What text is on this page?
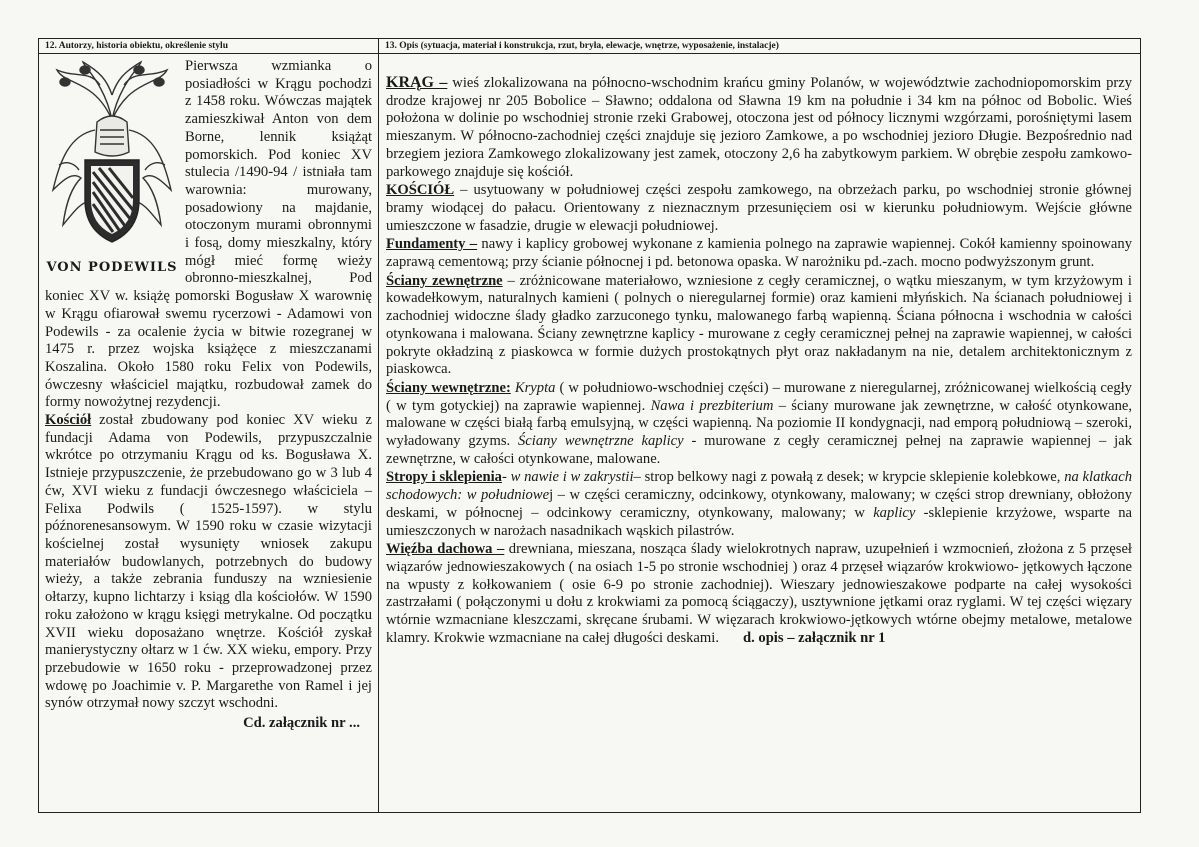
12. Autorzy, historia obiektu, określenie stylu

VON PODEWILS
Pierwsza wzmianka o posiadłości w Krągu pochodzi z 1458 roku. Wówczas majątek zamieszkiwał Anton von dem Borne, lennik książąt pomorskich. Pod koniec XV stulecia /1490-94 / istniała tam warownia: murowany, posadowiony na majdanie, otoczonym murami obronnymi i fosą, domy mieszkalny, który mógł mieć formę wieży obronno-mieszkalnej, Pod koniec XV w. książę pomorski Bogusław X warownię w Krągu ofiarował swemu rycerzowi - Adamowi von Podewils - za ocalenie życia w bitwie rozegranej w 1475 r. przez wojska książęce z mieszczanami Koszalina. Około 1580 roku Felix von Podewils, ówczesny właściciel majątku, rozbudował zamek do formy nowożytnej rezydencji.

Kościół został zbudowany pod koniec XV wieku z fundacji Adama von Podewils, przypuszczalnie wkrótce po otrzymaniu Krągu od ks. Bogusława X. Istnieje przypuszczenie, że przebudowano go w 3 lub 4 ćw, XVI wieku z fundacji ówczesnego właściciela – Felixa Podwils ( 1525-1597). w stylu późnorenesansowym. W 1590 roku w czasie wizytacji kościelnej został wysunięty wniosek zakupu materiałów budowlanych, potrzebnych do budowy wieży, a także zebrania funduszy na wzniesienie ołtarzy, kupno lichtarzy i ksiąg dla kościołów. W 1590 roku założono w krągu księgi metrykalne. Od początku XVII wieku doposażano wnętrze. Kościół zyskał manierystyczny ołtarz w 1 ćw. XX wieku, empory. Przy przebudowie w 1650 roku - przeprowadzonej przez wdowę po Joachimie v. P. Margarethe von Ramel i jej synów otrzymał nowy szczyt wschodni.

Cd. załącznik nr ...

13. Opis (sytuacja, materiał i konstrukcja, rzut, bryła, elewacje, wnętrze, wyposażenie, instalacje)

KRĄG – wieś zlokalizowana na północno-wschodnim krańcu gminy Polanów, w województwie zachodniopomorskim przy drodze krajowej nr 205 Bobolice – Sławno; oddalona od Sławna 19 km na południe i 34 km na północ od Bobolic. Wieś położona w dolinie po wschodniej stronie rzeki Grabowej, otoczona jest od północy licznymi wzgórzami, porośniętymi lasem mieszanym. W północno-zachodniej części znajduje się jezioro Zamkowe, a po wschodniej jezioro Długie. Bezpośrednio nad brzegiem jeziora Zamkowego zlokalizowany jest zamek, otoczony 2,6 ha zabytkowym parkiem. W obrębie zespołu zamkowo-parkowego znajduje się kościół.

KOŚCIÓŁ – usytuowany w południowej części zespołu zamkowego, na obrzeżach parku, po wschodniej stronie głównej bramy wiodącej do pałacu. Orientowany z nieznacznym przesunięciem osi w kierunku południowym. Wejście główne umieszczone w fasadzie, drugie w elewacji południowej.

Fundamenty – nawy i kaplicy grobowej wykonane z kamienia polnego na zaprawie wapiennej. Cokół kamienny spoinowany zaprawą cementową; przy ścianie północnej i pd. betonowa opaska. W narożniku pd.-zach. mocno podwyższonym grunt.

Ściany zewnętrzne – zróżnicowane materiałowo, wzniesione z cegły ceramicznej, o wątku mieszanym, w tym krzyżowym i kowadełkowym, naturalnych kamieni ( polnych o nieregularnej formie) oraz kamieni młyńskich. Na ścianach południowej i zachodniej widoczne ślady gładko zarzuconego tynku, malowanego farbą wapienną. Ściana północna i wschodnia w całości otynkowana i malowana. Ściany zewnętrzne kaplicy - murowane z cegły ceramicznej pełnej na zaprawie wapiennej, w całości pokryte okładziną z piaskowca w formie dużych prostokątnych płyt oraz nakładanym na nie, detalem architektonicznym z piaskowca.

Ściany wewnętrzne: Krypta ( w południowo-wschodniej części) – murowane z nieregularnej, zróżnicowanej wielkością cegły ( w tym gotyckiej) na zaprawie wapiennej. Nawa i prezbiterium – ściany murowane jak zewnętrzne, w całość otynkowane, malowane w części białą farbą emulsyjną, w części wapienną. Na poziomie II kondygnacji, nad emporą południową – szeroki, wyładowany gzyms. Ściany wewnętrzne kaplicy - murowane z cegły ceramicznej pełnej na zaprawie wapiennej – jak zewnętrzne, w całości otynkowane, malowane.

Stropy i sklepienia- w nawie i w zakrystii– strop belkowy nagi z powałą z desek; w krypcie sklepienie kolebkowe, na klatkach schodowych: w południowej – w części ceramiczny, odcinkowy, otynkowany, malowany; w części strop drewniany, obłożony deskami, w północnej – odcinkowy ceramiczny, otynkowany, malowany; w kaplicy -sklepienie krzyżowe, wsparte na umieszczonych w narożach nasadnikach wąskich pilastrów.

Więźba dachowa – drewniana, mieszana, nosząca ślady wielokrotnych napraw, uzupełnień i wzmocnień, złożona z 5 przęseł wiązarów jednowieszakowych ( na osiach 1-5 po stronie wschodniej ) oraz 4 przęseł wiązarów krokwiowo- jętkowych łączone na wpusty z kołkowaniem ( osie 6-9 po stronie zachodniej). Wieszary jednowieszakowe podparte na całej wysokości zastrzałami ( połączonymi u dołu z krokwiami za pomocą ściągaczy), usztywnione jętkami oraz ryglami. W tej części więzary wtórnie wzmacniane kleszczami, skręcane śrubami. W więzarach krokwiowo-jętkowych wtórne obejmy metalowe, metalowe klamry. Krokwie wzmacniane na całej długości deskami. d. opis – załącznik nr 1
